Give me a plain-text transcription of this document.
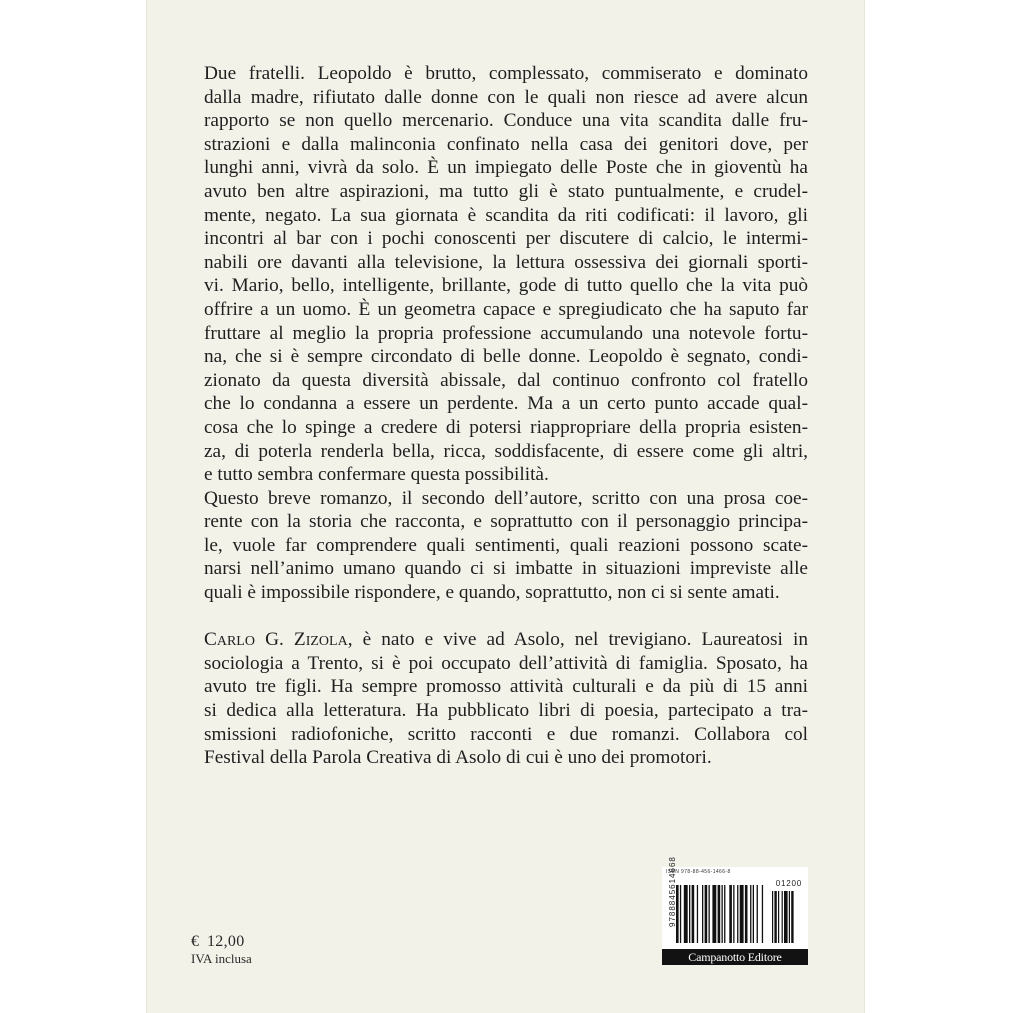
Due fratelli. Leopoldo è brutto, complessato, commiserato e dominato
dalla madre, rifiutato dalle donne con le quali non riesce ad avere alcun
rapporto se non quello mercenario. Conduce una vita scandita dalle fru-
strazioni e dalla malinconia confinato nella casa dei genitori dove, per
lunghi anni, vivrà da solo. È un impiegato delle Poste che in gioventù ha
avuto ben altre aspirazioni, ma tutto gli è stato puntualmente, e crudel-
mente, negato. La sua giornata è scandita da riti codificati: il lavoro, gli
incontri al bar con i pochi conoscenti per discutere di calcio, le intermi-
nabili ore davanti alla televisione, la lettura ossessiva dei giornali sporti-
vi. Mario, bello, intelligente, brillante, gode di tutto quello che la vita può
offrire a un uomo. È un geometra capace e spregiudicato che ha saputo far
fruttare al meglio la propria professione accumulando una notevole fortu-
na, che si è sempre circondato di belle donne. Leopoldo è segnato, condi-
zionato da questa diversità abissale, dal continuo confronto col fratello
che lo condanna a essere un perdente. Ma a un certo punto accade qual-
cosa che lo spinge a credere di potersi riappropriare della propria esisten-
za, di poterla renderla bella, ricca, soddisfacente, di essere come gli altri,
e tutto sembra confermare questa possibilità.
Questo breve romanzo, il secondo dell’autore, scritto con una prosa coe-
rente con la storia che racconta, e soprattutto con il personaggio principa-
le, vuole far comprendere quali sentimenti, quali reazioni possono scate-
narsi nell’animo umano quando ci si imbatte in situazioni impreviste alle
quali è impossibile rispondere, e quando, soprattutto, non ci si sente amati.
Carlo G. Zizola, è nato e vive ad Asolo, nel trevigiano. Laureatosi in
sociologia a Trento, si è poi occupato dell’attività di famiglia. Sposato, ha
avuto tre figli. Ha sempre promosso attività culturali e da più di 15 anni
si dedica alla letteratura. Ha pubblicato libri di poesia, partecipato a tra-
smissioni radiofoniche, scritto racconti e due romanzi. Collabora col
Festival della Parola Creativa di Asolo di cui è uno dei promotori.
€ 12,00
IVA inclusa
ISBN 978-88-456-1466-8
01200
9788845614668
Campanotto Editore
